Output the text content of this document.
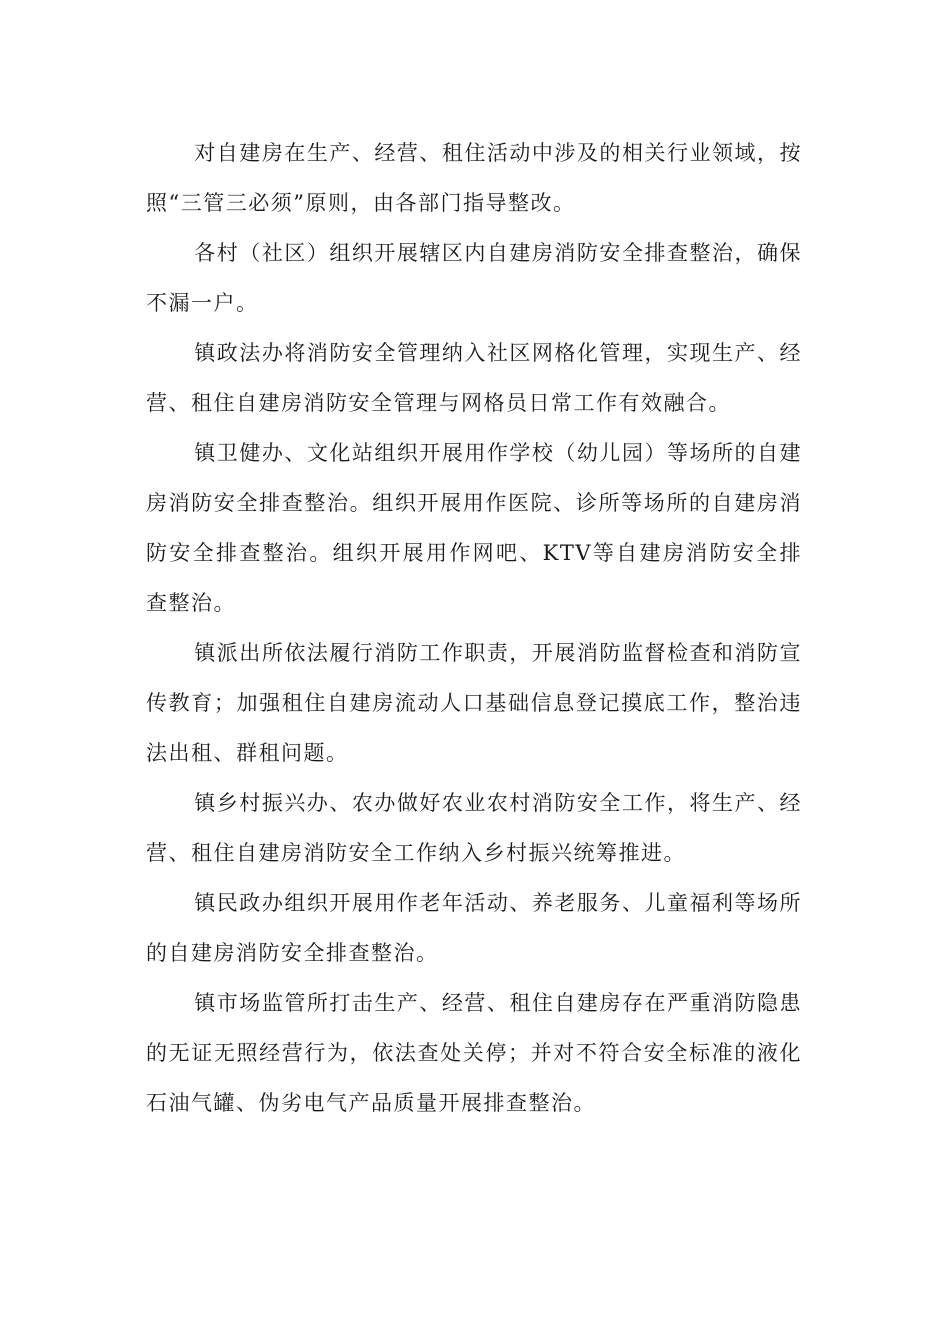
对自建房在生产、经营、租住活动中涉及的相关行业领域，按照“三管三必须”原则，由各部门指导整改。

各村（社区）组织开展辖区内自建房消防安全排查整治，确保不漏一户。

镇政法办将消防安全管理纳入社区网格化管理，实现生产、经营、租住自建房消防安全管理与网格员日常工作有效融合。

镇卫健办、文化站组织开展用作学校（幼儿园）等场所的自建房消防安全排查整治。组织开展用作医院、诊所等场所的自建房消防安全排查整治。组织开展用作网吧、KTV等自建房消防安全排查整治。

镇派出所依法履行消防工作职责，开展消防监督检查和消防宣传教育；加强租住自建房流动人口基础信息登记摸底工作，整治违法出租、群租问题。

镇乡村振兴办、农办做好农业农村消防安全工作，将生产、经营、租住自建房消防安全工作纳入乡村振兴统筹推进。

镇民政办组织开展用作老年活动、养老服务、儿童福利等场所的自建房消防安全排查整治。

镇市场监管所打击生产、经营、租住自建房存在严重消防隐患的无证无照经营行为，依法查处关停；并对不符合安全标准的液化石油气罐、伪劣电气产品质量开展排查整治。
